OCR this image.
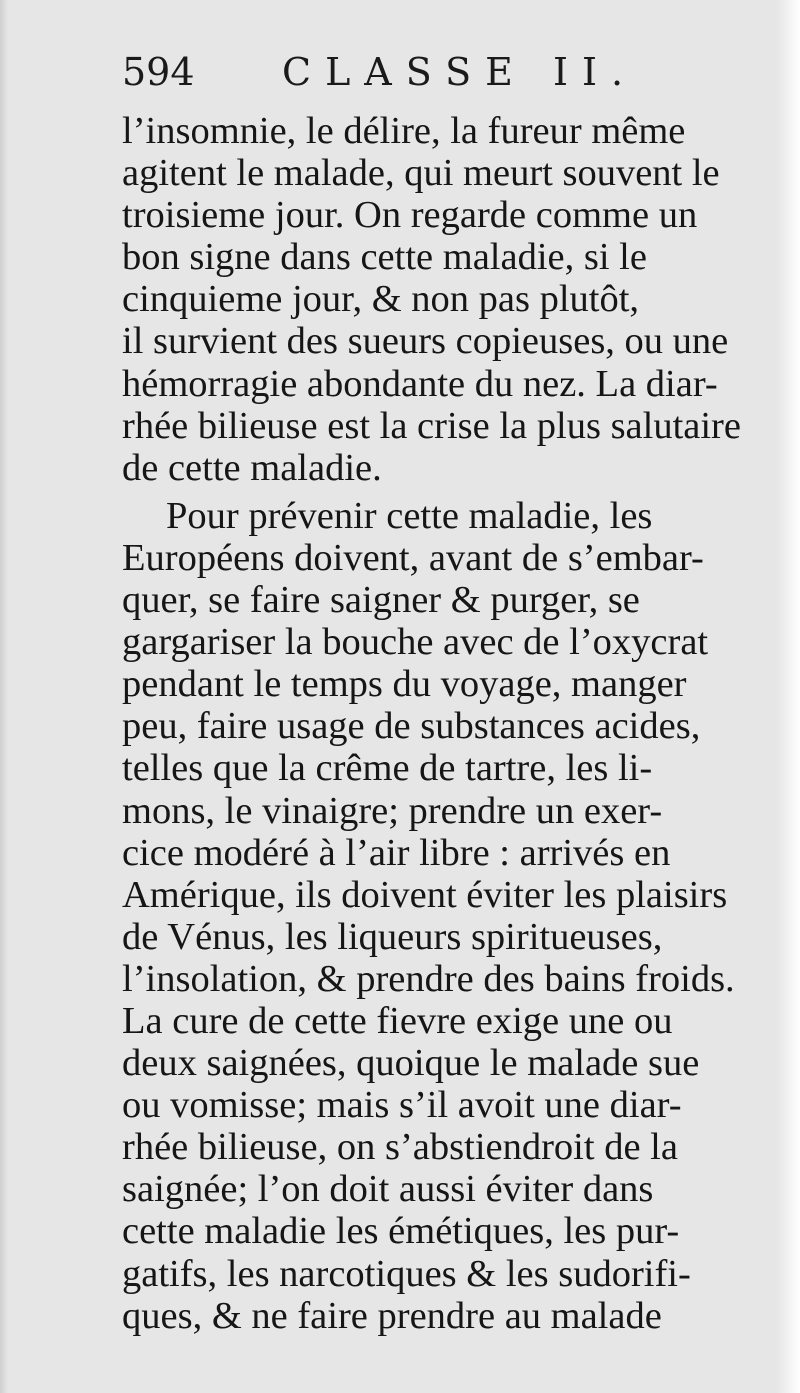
594 CLASSE II.
l’insomnie, le délire, la fureur même
agitent le malade, qui meurt souvent le
troisieme jour. On regarde comme un
bon signe dans cette maladie, si le
cinquieme jour, & non pas plutôt,
il survient des sueurs copieuses, ou une
hémorragie abondante du nez. La diar-
rhée bilieuse est la crise la plus salutaire
de cette maladie.
Pour prévenir cette maladie, les
Européens doivent, avant de s’embar-
quer, se faire saigner & purger, se
gargariser la bouche avec de l’oxycrat
pendant le temps du voyage, manger
peu, faire usage de substances acides,
telles que la crême de tartre, les li-
mons, le vinaigre; prendre un exer-
cice modéré à l’air libre : arrivés en
Amérique, ils doivent éviter les plaisirs
de Vénus, les liqueurs spiritueuses,
l’insolation, & prendre des bains froids.
La cure de cette fievre exige une ou
deux saignées, quoique le malade sue
ou vomisse; mais s’il avoit une diar-
rhée bilieuse, on s’abstiendroit de la
saignée; l’on doit aussi éviter dans
cette maladie les émétiques, les pur-
gatifs, les narcotiques & les sudorifi-
ques, & ne faire prendre au malade
